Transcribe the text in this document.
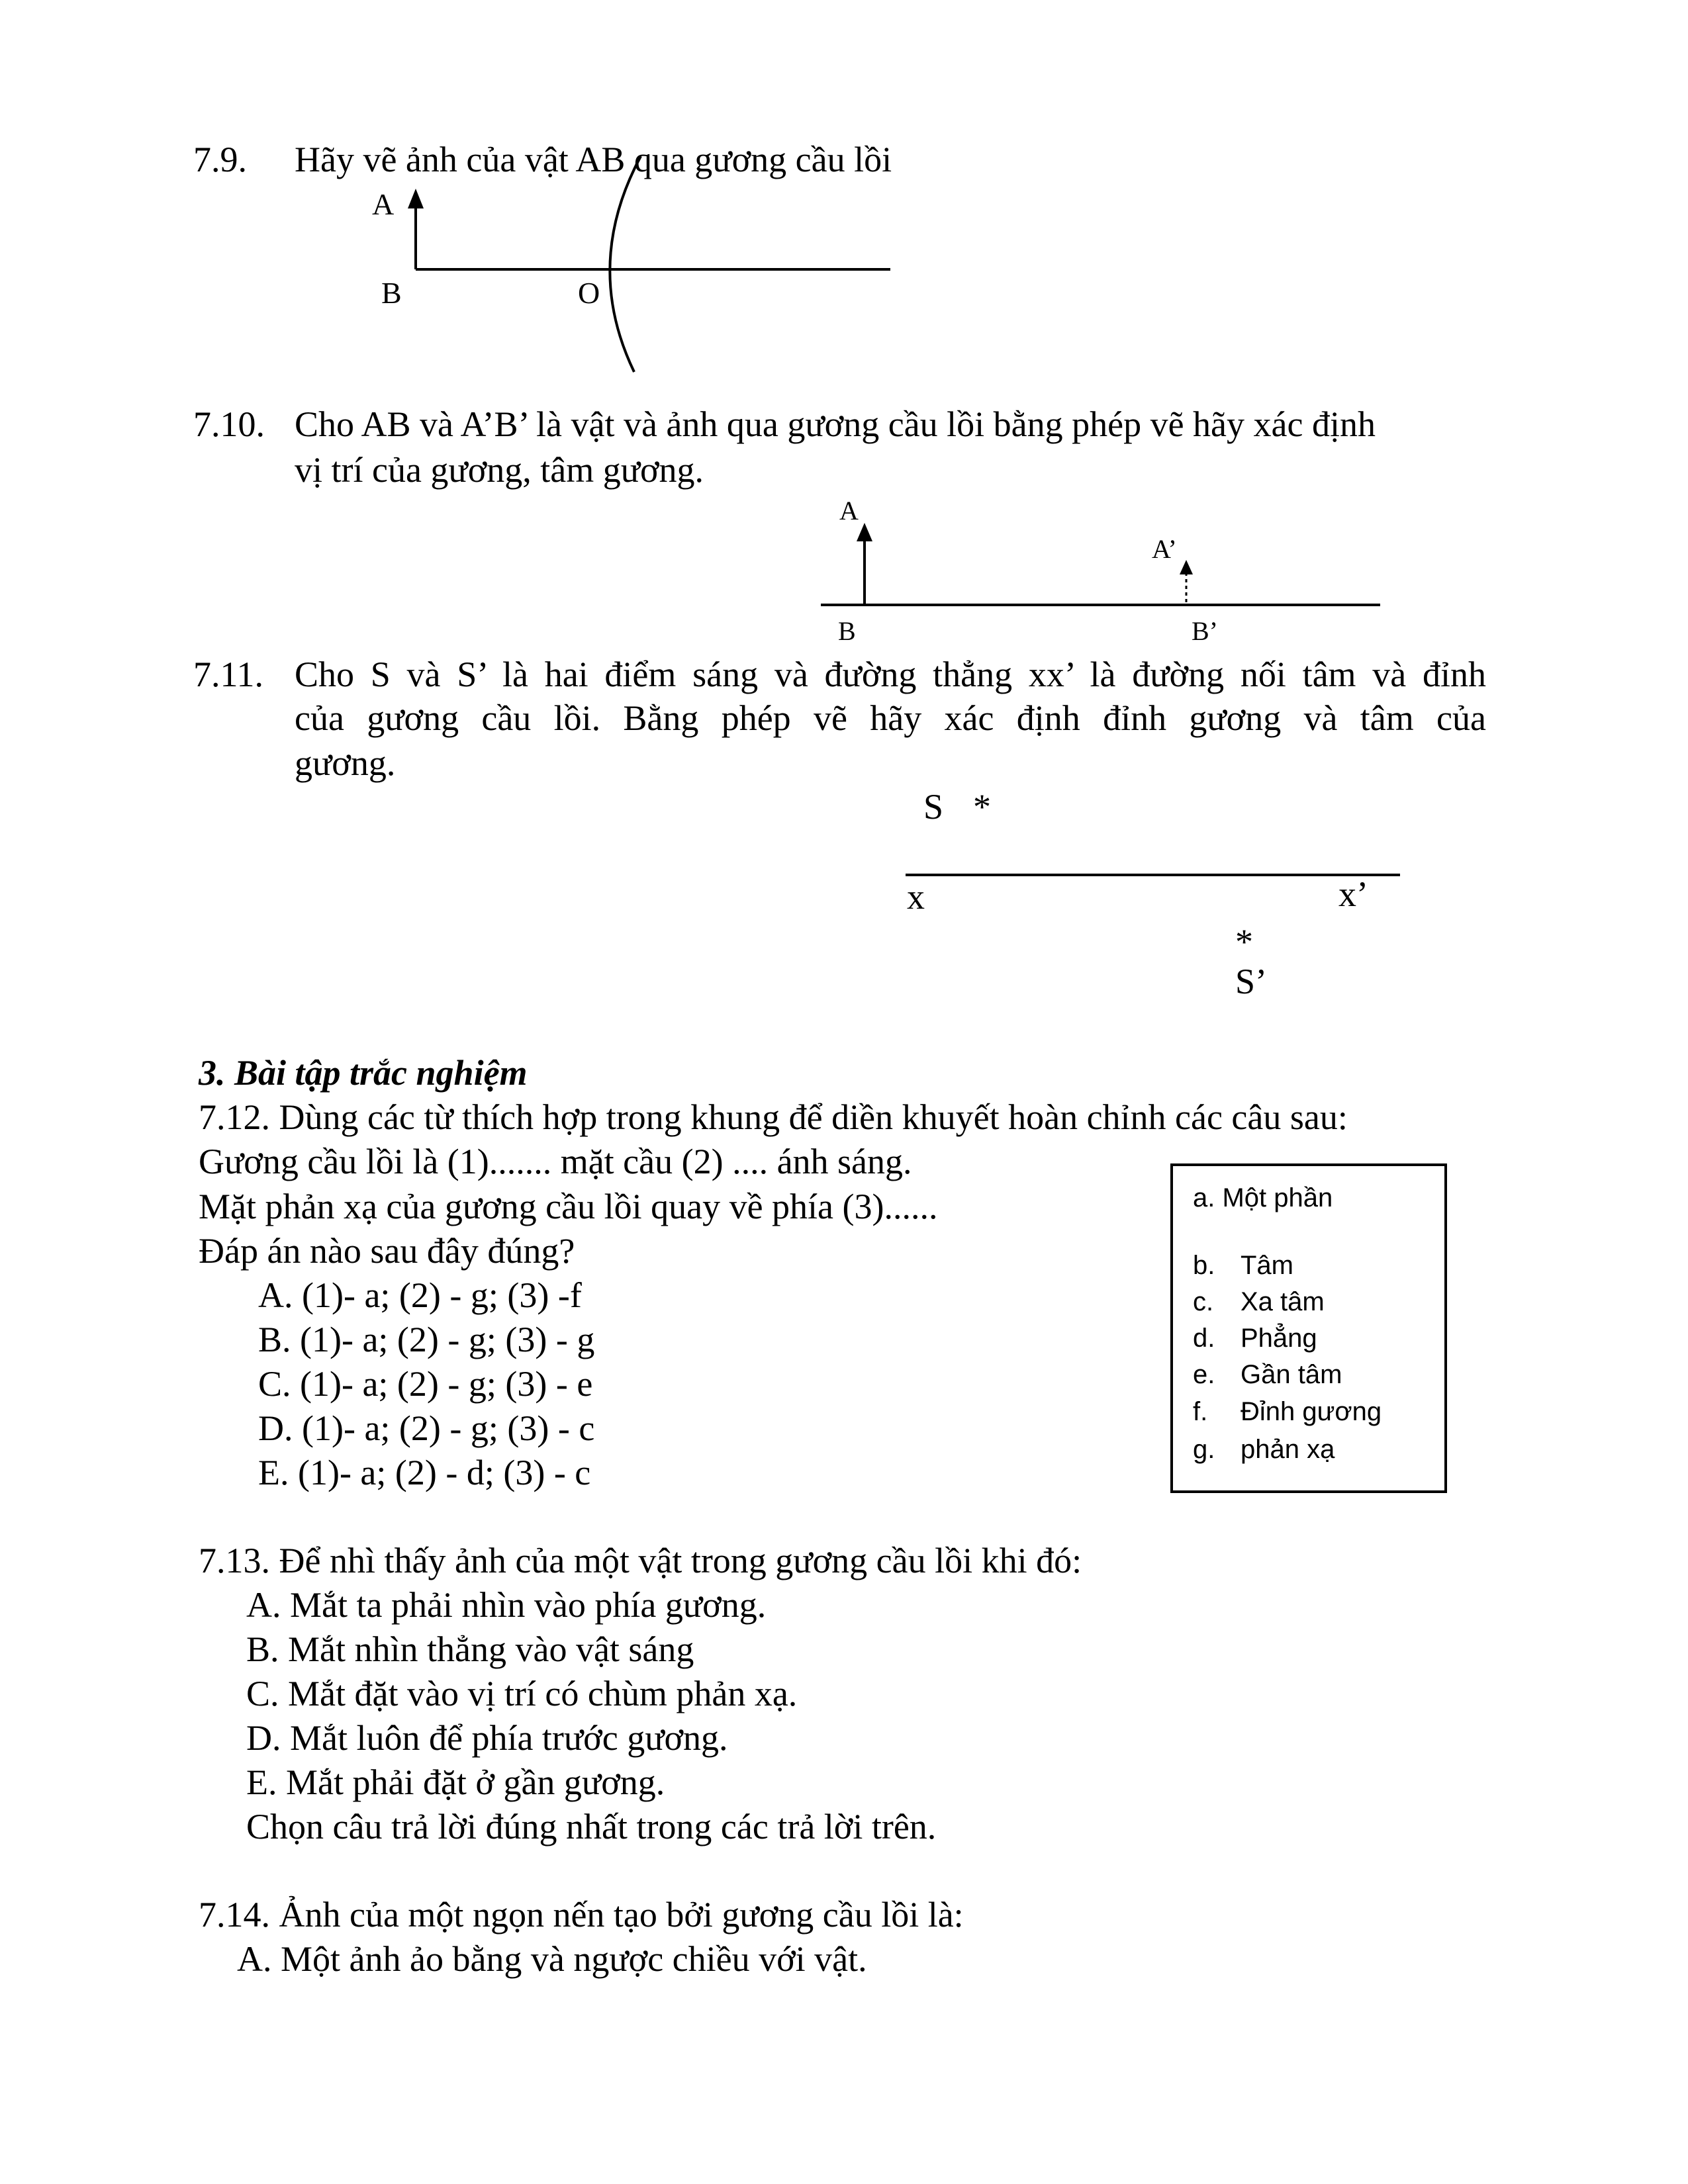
7.9. Hãy vẽ ảnh của vật AB qua gương cầu lồi
A
B	O
7.10. Cho AB và A’B’ là vật và ảnh qua gương cầu lồi bằng phép vẽ hãy xác định
vị trí của gương, tâm gương.
A
A’
B	B’
7.11. Cho S và S’ là hai điểm sáng và đường thẳng xx’ là đường nối tâm và đỉnh
của gương cầu lồi. Bằng phép vẽ hãy xác định đỉnh gương và tâm của
gương.
S *
x	x’
*
S’
3. Bài tập trắc nghiệm
7.12. Dùng các từ thích hợp trong khung để diền khuyết hoàn chỉnh các câu sau:
Gương cầu lồi là (1)....... mặt cầu (2) .... ánh sáng.
Mặt phản xạ của gương cầu lồi quay về phía (3)......
Đáp án nào sau đây đúng?
A. (1)- a; (2) - g; (3) -f
B. (1)- a; (2) - g; (3) - g
C. (1)- a; (2) - g; (3) - e
D. (1)- a; (2) - g; (3) - c
E. (1)- a; (2) - d; (3) - c
a. Một phần
b. Tâm
c. Xa tâm
d. Phẳng
e. Gần tâm
f. Đỉnh gương
g. phản xạ
7.13. Để nhì thấy ảnh của một vật trong gương cầu lồi khi đó:
A. Mắt ta phải nhìn vào phía gương.
B. Mắt nhìn thẳng vào vật sáng
C. Mắt đặt vào vị trí có chùm phản xạ.
D. Mắt luôn để phía trước gương.
E. Mắt phải đặt ở gần gương.
Chọn câu trả lời đúng nhất trong các trả lời trên.
7.14. Ảnh của một ngọn nến tạo bởi gương cầu lồi là:
A. Một ảnh ảo bằng và ngược chiều với vật.
